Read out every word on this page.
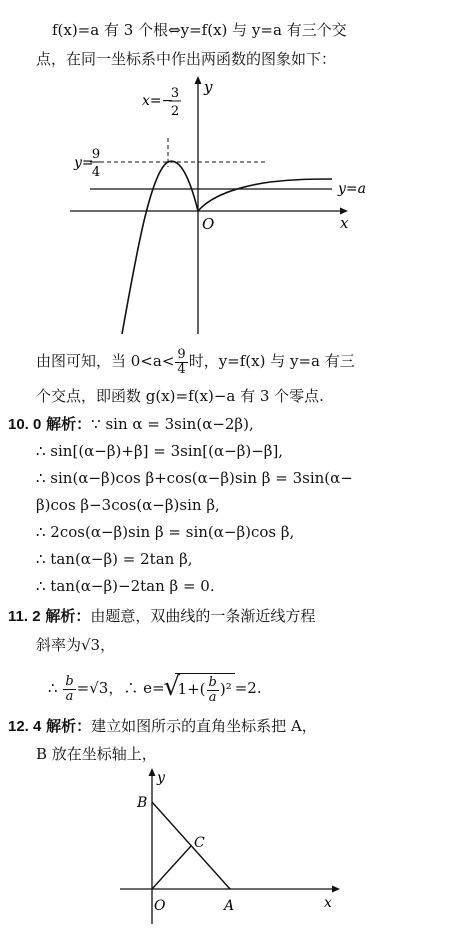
f(x)=a 有 3 个根⇔y=f(x) 与 y=a 有三个交
点，在同一坐标系中作出两函数的图象如下：
y
x
O
x=−
3
2
y=
9
4
y=a
由图可知，当 $0<a< \frac{9}{4}$ 时，y=f(x) 与 y=a 有三
个交点，即函数 g(x)=f(x)−a 有 3 个零点.
10. 0 解析：∵ sin α = 3sin(α−2β),
∴ sin[(α−β)+β] = 3sin[(α−β)−β],
∴ sin(α−β)cos β+cos(α−β)sin β = 3sin(α−
β)cos β−3cos(α−β)sin β,
∴ 2cos(α−β)sin β = sin(α−β)cos β,
∴ tan(α−β) = 2tan β,
∴ tan(α−β)−2tan β = 0.
11. 2 解析：由题意，双曲线的一条渐近线方程
斜率为√3，
∴ $\frac{b}{a} =√3$，∴ e= √
$1+( \frac{b}{a} )^2 =2$.
12. 4 解析：建立如图所示的直角坐标系把 A，
B 放在坐标轴上，
y
x
B
C
O	A
